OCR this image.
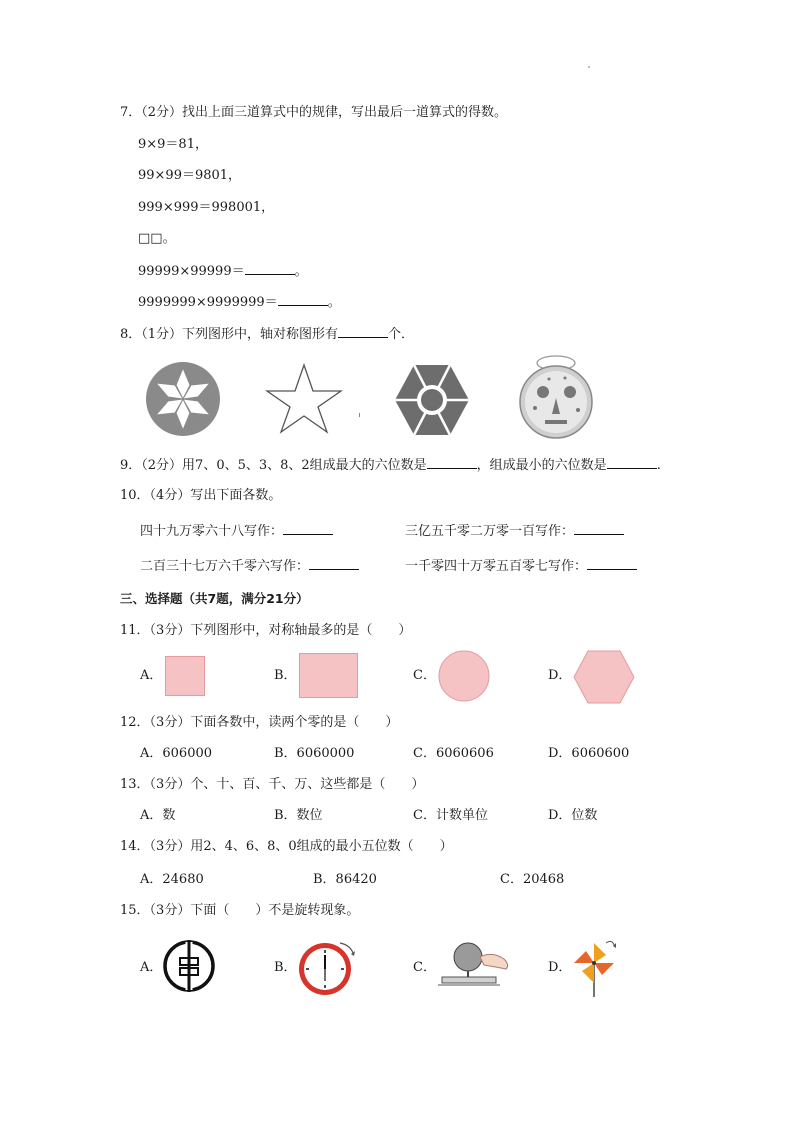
7．（2分）找出上面三道算式中的规律，写出最后一道算式的得数。
9×9＝81，
99×99＝9801，
999×999＝998001，
□□。
99999×99999＝	。
9999999×9999999＝	。
8．（1分）下列图形中，轴对称图形有	个．
9．（2分）用7、0、5、3、8、2组成最大的六位数是	，组成最小的六位数是	.
10．（4分）写出下面各数。
四十九万零六十八写作：	三亿五千零二万零一百写作：
二百三十七万六千零六写作：	一千零四十万零五百零七写作：
三、选择题（共7题，满分21分）
11．（3分）下列图形中，对称轴最多的是（　　）
A．	B．	C．	D．
12．（3分）下面各数中，读两个零的是（　　）
A．606000	B．6060000	C．6060606	D．6060600
13．（3分）个、十、百、千、万、这些都是（　　）
A．数	B．数位	C．计数单位	D．位数
14．（3分）用2、4、6、8、0组成的最小五位数（　　）
A．24680	B．86420	C．20468
15．（3分）下面（　　）不是旋转现象。
A．	B．	C．	D．
